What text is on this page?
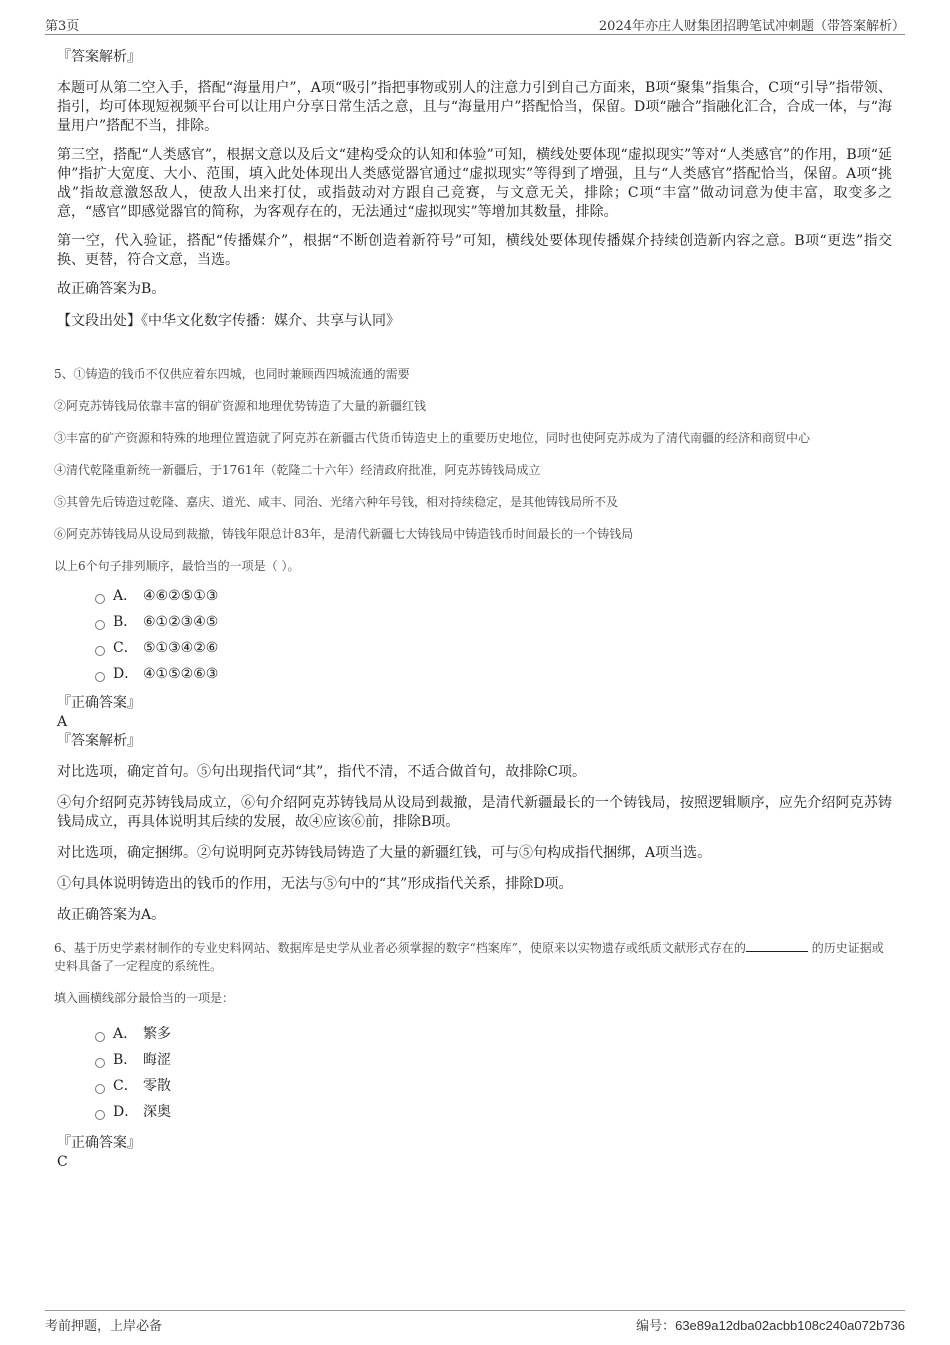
第3页	2024年亦庄人财集团招聘笔试冲刺题（带答案解析）
『答案解析』

本题可从第二空入手，搭配“海量用户”，A项“吸引”指把事物或别人的注意力引到自己方面来，B项“聚集”指集合，C项“引导”指带领、指引，均可体现短视频平台可以让用户分享日常生活之意，且与“海量用户”搭配恰当，保留。D项“融合”指融化汇合，合成一体，与“海量用户”搭配不当，排除。

第三空，搭配“人类感官”，根据文意以及后文“建构受众的认知和体验”可知，横线处要体现“虚拟现实”等对“人类感官”的作用，B项“延伸”指扩大宽度、大小、范围，填入此处体现出人类感觉器官通过“虚拟现实”等得到了增强，且与“人类感官”搭配恰当，保留。A项“挑战”指故意激怒敌人，使敌人出来打仗，或指鼓动对方跟自己竞赛，与文意无关，排除；C项“丰富”做动词意为使丰富，取变多之意，“感官”即感觉器官的简称，为客观存在的，无法通过“虚拟现实”等增加其数量，排除。

第一空，代入验证，搭配“传播媒介”，根据“不断创造着新符号”可知，横线处要体现传播媒介持续创造新内容之意。B项“更迭”指交换、更替，符合文意，当选。

故正确答案为B。

【文段出处】《中华文化数字传播：媒介、共享与认同》
5、①铸造的钱币不仅供应着东四城，也同时兼顾西四城流通的需要
②阿克苏铸钱局依靠丰富的铜矿资源和地理优势铸造了大量的新疆红钱
③丰富的矿产资源和特殊的地理位置造就了阿克苏在新疆古代货币铸造史上的重要历史地位，同时也使阿克苏成为了清代南疆的经济和商贸中心
④清代乾隆重新统一新疆后，于1761年（乾隆二十六年）经清政府批准，阿克苏铸钱局成立
⑤其曾先后铸造过乾隆、嘉庆、道光、咸丰、同治、光绪六种年号钱，相对持续稳定，是其他铸钱局所不及
⑥阿克苏铸钱局从设局到裁撤，铸钱年限总计83年，是清代新疆七大铸钱局中铸造钱币时间最长的一个铸钱局
以上6个句子排列顺序，最恰当的一项是（ ）。
A． ④⑥②⑤①③
B． ⑥①②③④⑤
C． ⑤①③④②⑥
D． ④①⑤②⑥③
『正确答案』
A
『答案解析』

对比选项，确定首句。⑤句出现指代词“其”，指代不清，不适合做首句，故排除C项。

④句介绍阿克苏铸钱局成立，⑥句介绍阿克苏铸钱局从设局到裁撤，是清代新疆最长的一个铸钱局，按照逻辑顺序，应先介绍阿克苏铸钱局成立，再具体说明其后续的发展，故④应该⑥前，排除B项。

对比选项，确定捆绑。②句说明阿克苏铸钱局铸造了大量的新疆红钱，可与⑤句构成指代捆绑，A项当选。

①句具体说明铸造出的钱币的作用，无法与⑤句中的“其”形成指代关系，排除D项。

故正确答案为A。

6、基于历史学素材制作的专业史料网站、数据库是史学从业者必须掌握的数字“档案库”，使原来以实物遗存或纸质文献形式存在的	的历史证据或史料具备了一定程度的系统性。
填入画横线部分最恰当的一项是：
A． 繁多
B． 晦涩
C． 零散
D． 深奥
『正确答案』
C
考前押题，上岸必备	编号：63e89a12dba02acbb108c240a072b736
